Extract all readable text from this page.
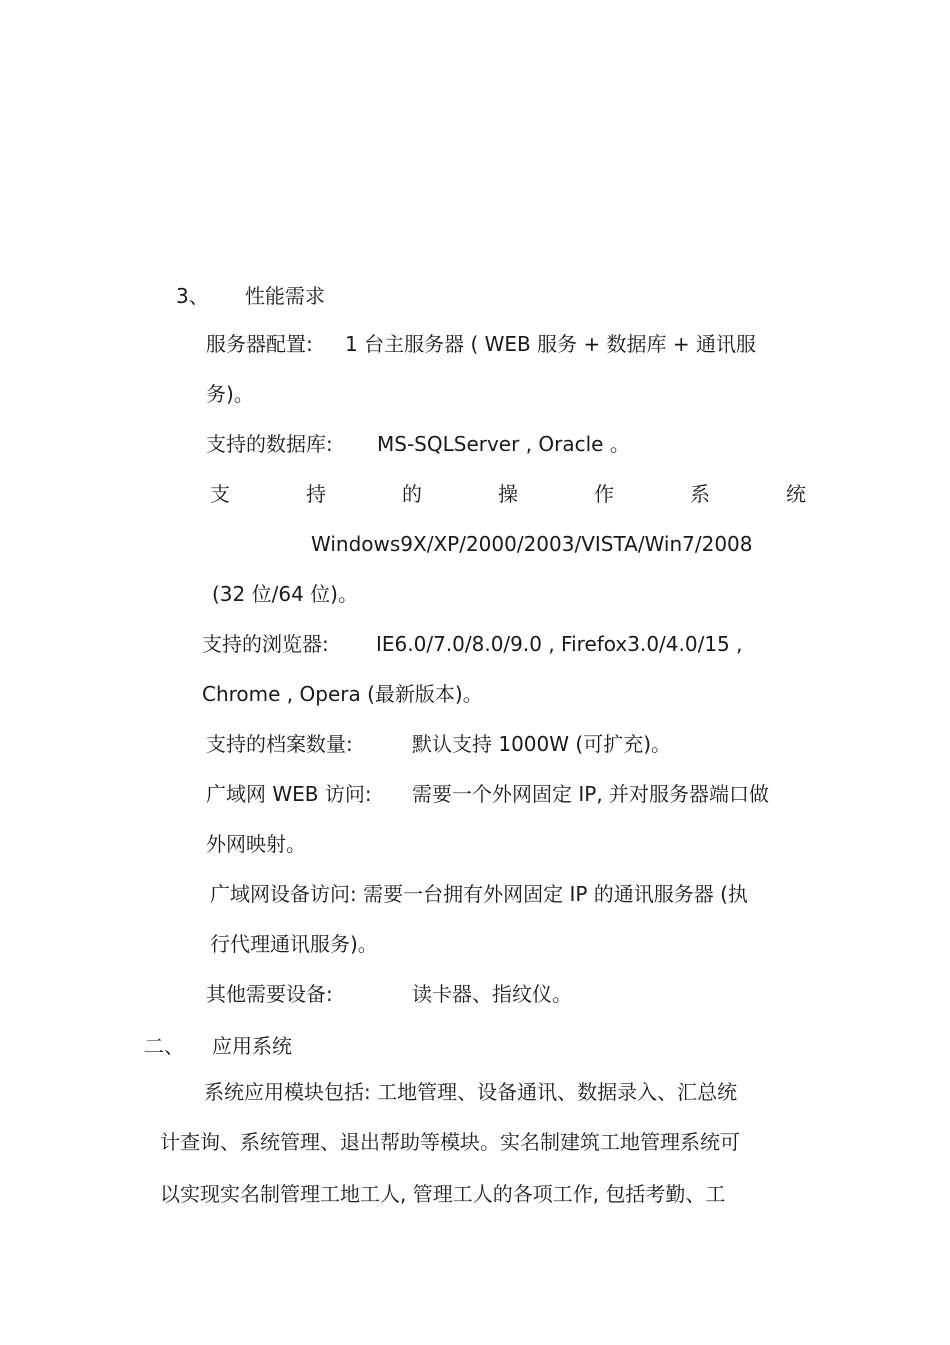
3、 性能需求
服务器配置: 1 台主服务器 ( WEB 服务 + 数据库 + 通讯服
务)。
支持的数据库: MS-SQLServer , Oracle 。
支	持	的	操	作	系	统
Windows9X/XP/2000/2003/VISTA/Win7/2008
(32 位/64 位)。
支持的浏览器: IE6.0/7.0/8.0/9.0 , Firefox3.0/4.0/15 ,
Chrome , Opera (最新版本)。
支持的档案数量:	默认支持 1000W (可扩充)。
广域网 WEB 访问: 需要一个外网固定 IP, 并对服务器端口做
外网映射。
广域网设备访问: 需要一台拥有外网固定 IP 的通讯服务器 (执
行代理通讯服务)。
其他需要设备:	读卡器、指纹仪。
二、 应用系统
系统应用模块包括: 工地管理、设备通讯、数据录入、汇总统
计查询、系统管理、退出帮助等模块。实名制建筑工地管理系统可
以实现实名制管理工地工人, 管理工人的各项工作, 包括考勤、工
